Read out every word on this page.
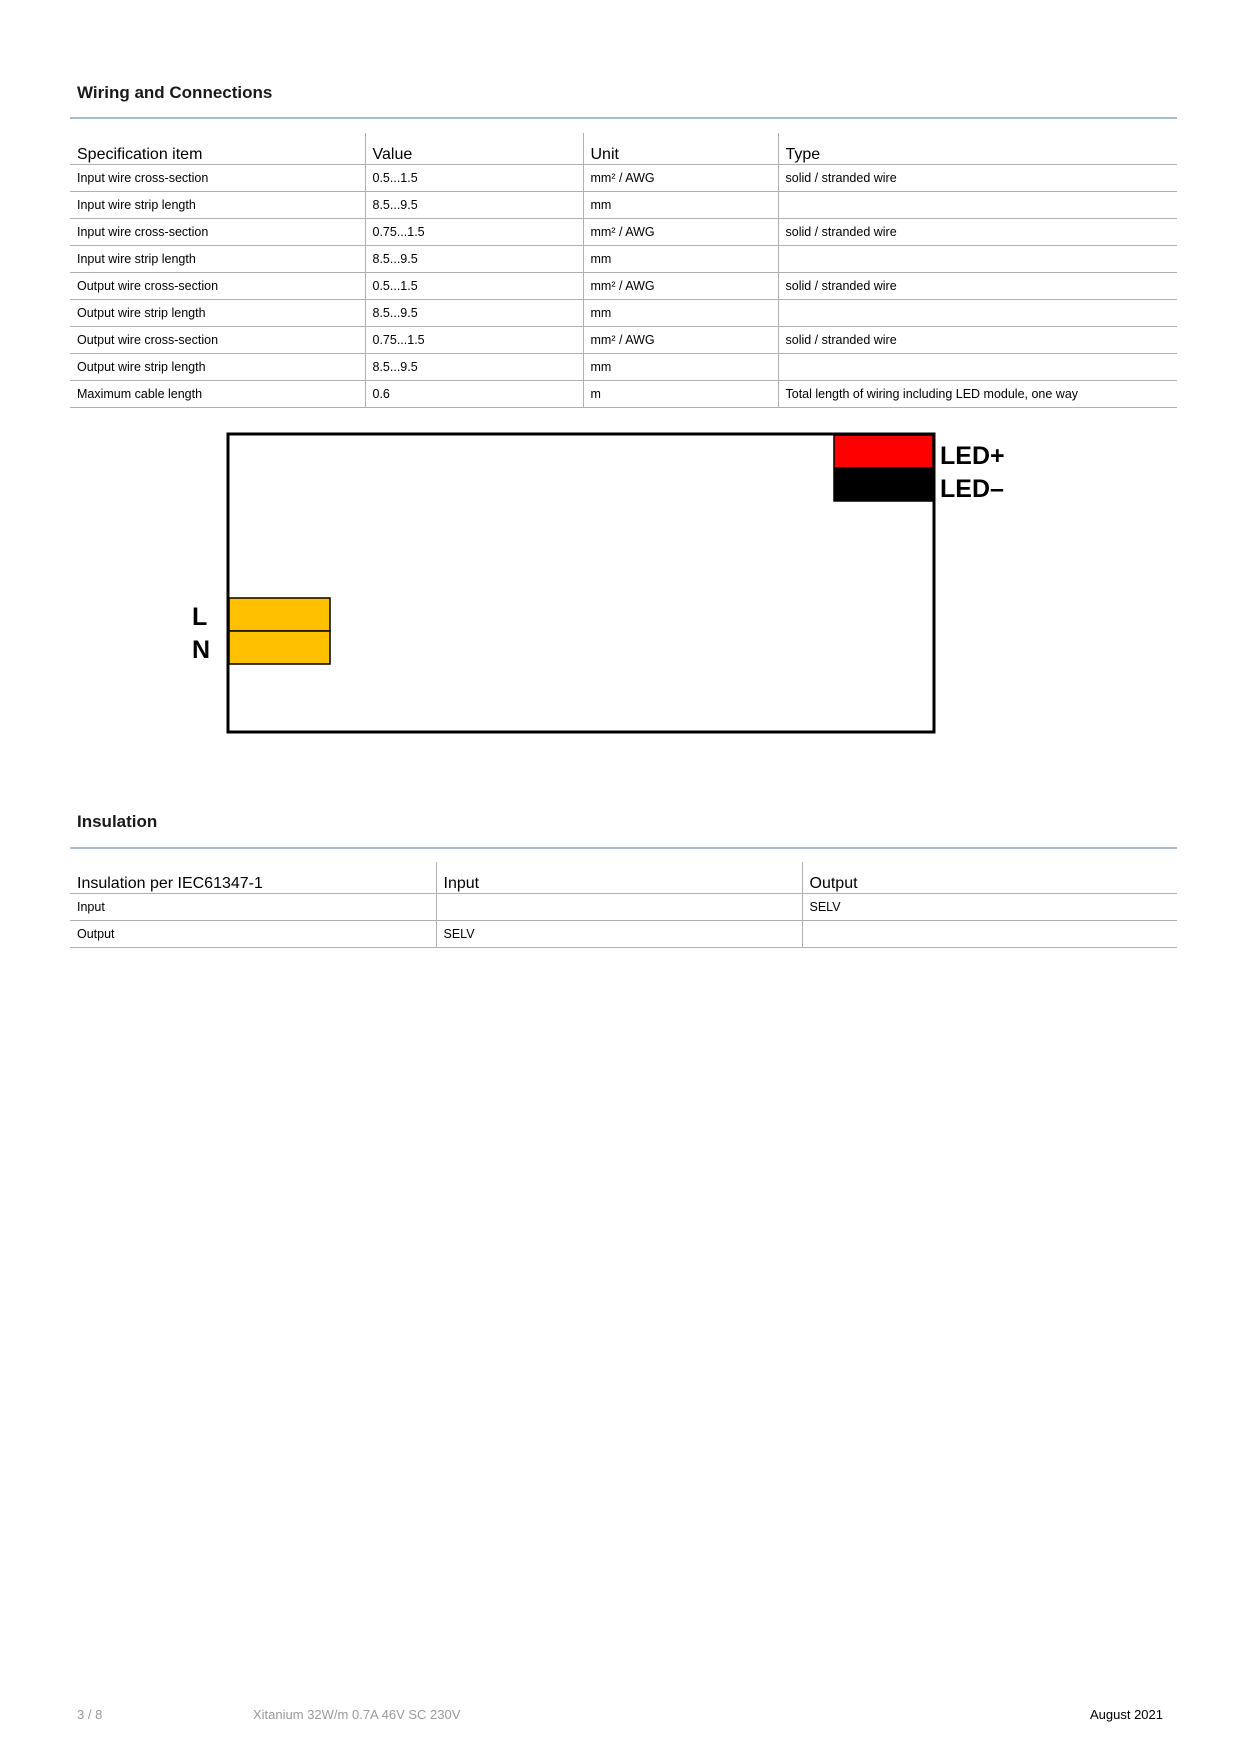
Wiring and Connections
Specification item	Value	Unit	Type
Input wire cross-section	0.5...1.5	mm² / AWG	solid / stranded wire
Input wire strip length	8.5...9.5	mm	
Input wire cross-section	0.75...1.5	mm² / AWG	solid / stranded wire
Input wire strip length	8.5...9.5	mm	
Output wire cross-section	0.5...1.5	mm² / AWG	solid / stranded wire
Output wire strip length	8.5...9.5	mm	
Output wire cross-section	0.75...1.5	mm² / AWG	solid / stranded wire
Output wire strip length	8.5...9.5	mm	
Maximum cable length	0.6	m	Total length of wiring including LED module, one way
LED+
LED–
L
N
Insulation
Insulation per IEC61347-1	Input	Output
Input		SELV
Output	SELV	
3 / 8	Xitanium 32W/m 0.7A 46V SC 230V	August 2021
